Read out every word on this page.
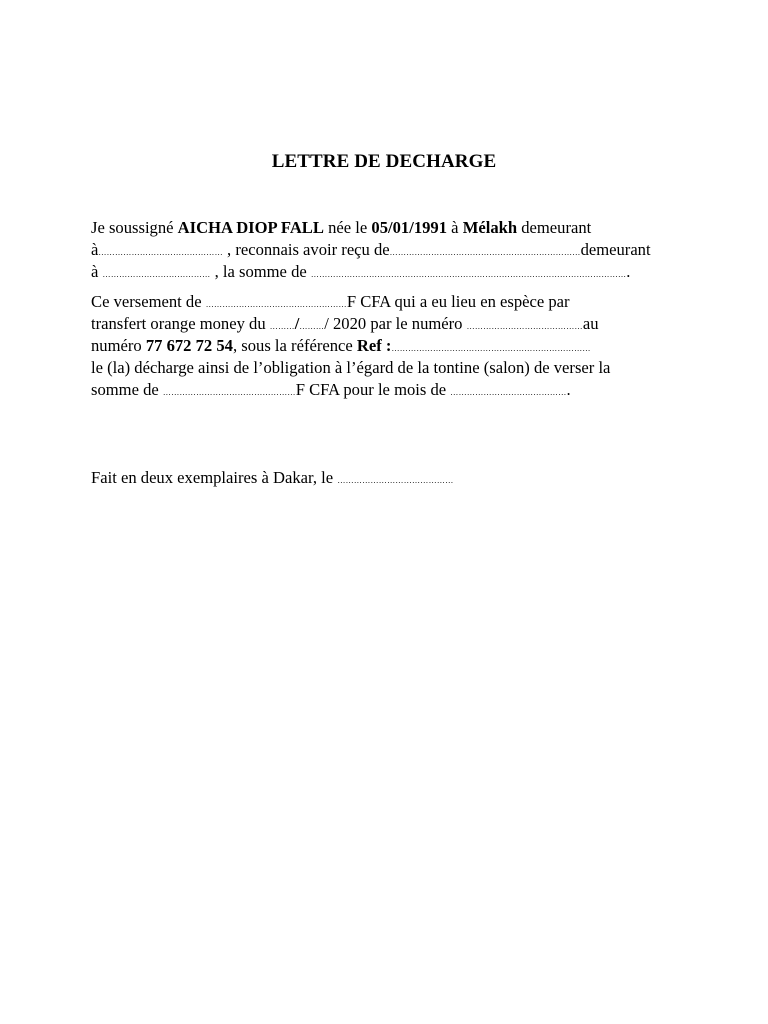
LETTRE DE DECHARGE
Je soussigné AICHA DIOP FALL née le 05/01/1991 à Mélakh demeurant
à……………………………………… , reconnais avoir reçu de……………………………………………………………demeurant
à ………………………………… , la somme de …………………………………………………………………………………………………….
Ce versement de ……………………………………………F CFA qui a eu lieu en espèce par
transfert orange money du ………/………/ 2020 par le numéro ……………………………………au
numéro 77 672 72 54, sous la référence Ref :………………………………………………………………
le (la) décharge ainsi de l’obligation à l’égard de la tontine (salon) de verser la
somme de …………………………………………F CFA pour le mois de …………………………………….
Fait en deux exemplaires à Dakar, le ……………………………………
